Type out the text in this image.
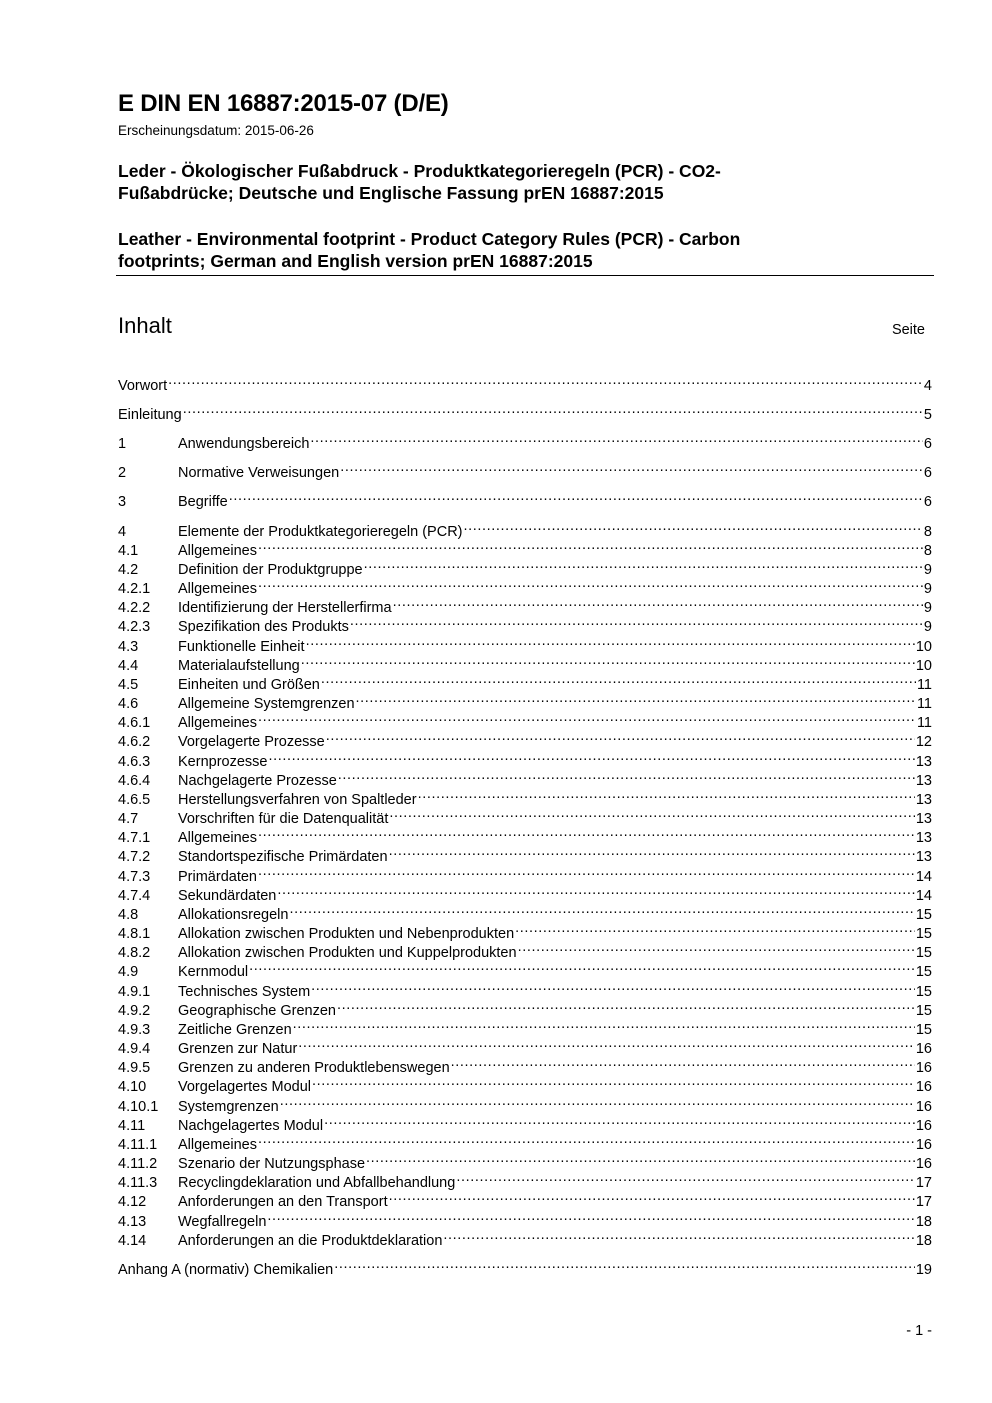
E DIN EN 16887:2015-07 (D/E)
Erscheinungsdatum: 2015-06-26
Leder - Ökologischer Fußabdruck - Produktkategorieregeln (PCR) - CO2-
Fußabdrücke; Deutsche und Englische Fassung prEN 16887:2015
Leather - Environmental footprint - Product Category Rules (PCR) - Carbon
footprints; German and English version prEN 16887:2015
Inhalt	Seite
Vorwort .....	4
Einleitung .....	5
1	Anwendungsbereich .....	6
2	Normative Verweisungen .....	6
3	Begriffe .....	6
4	Elemente der Produktkategorieregeln (PCR) .....	8
4.1	Allgemeines .....	8
4.2	Definition der Produktgruppe .....	9
4.2.1	Allgemeines .....	9
4.2.2	Identifizierung der Herstellerfirma .....	9
4.2.3	Spezifikation des Produkts .....	9
4.3	Funktionelle Einheit .....	10
4.4	Materialaufstellung .....	10
4.5	Einheiten und Größen .....	11
4.6	Allgemeine Systemgrenzen .....	11
4.6.1	Allgemeines .....	11
4.6.2	Vorgelagerte Prozesse .....	12
4.6.3	Kernprozesse .....	13
4.6.4	Nachgelagerte Prozesse .....	13
4.6.5	Herstellungsverfahren von Spaltleder .....	13
4.7	Vorschriften für die Datenqualität .....	13
4.7.1	Allgemeines .....	13
4.7.2	Standortspezifische Primärdaten .....	13
4.7.3	Primärdaten .....	14
4.7.4	Sekundärdaten .....	14
4.8	Allokationsregeln .....	15
4.8.1	Allokation zwischen Produkten und Nebenprodukten .....	15
4.8.2	Allokation zwischen Produkten und Kuppelprodukten .....	15
4.9	Kernmodul .....	15
4.9.1	Technisches System .....	15
4.9.2	Geographische Grenzen .....	15
4.9.3	Zeitliche Grenzen .....	15
4.9.4	Grenzen zur Natur .....	16
4.9.5	Grenzen zu anderen Produktlebenswegen .....	16
4.10	Vorgelagertes Modul .....	16
4.10.1	Systemgrenzen .....	16
4.11	Nachgelagertes Modul .....	16
4.11.1	Allgemeines .....	16
4.11.2	Szenario der Nutzungsphase .....	16
4.11.3	Recyclingdeklaration und Abfallbehandlung .....	17
4.12	Anforderungen an den Transport .....	17
4.13	Wegfallregeln .....	18
4.14	Anforderungen an die Produktdeklaration .....	18
Anhang A (normativ) Chemikalien .....	19
- 1 -
